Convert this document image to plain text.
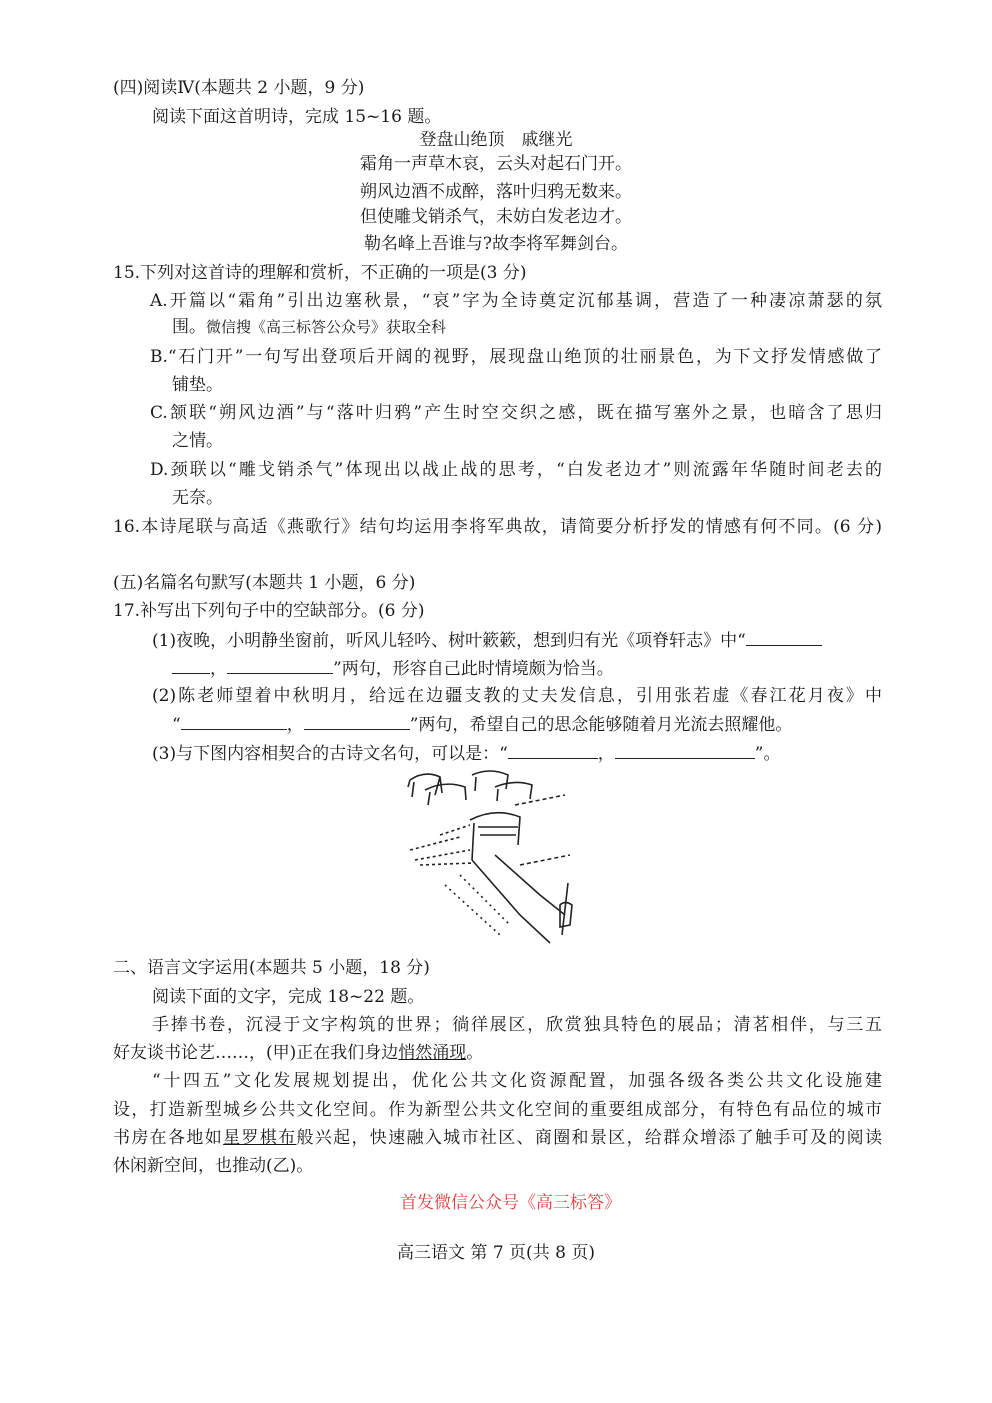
(四)阅读Ⅳ(本题共 2 小题，9 分)
阅读下面这首明诗，完成 15~16 题。
登盘山绝顶　戚继光
霜角一声草木哀，云头对起石门开。
朔风边酒不成醉，落叶归鸦无数来。
但使雕戈销杀气，未妨白发老边才。
勒名峰上吾谁与?故李将军舞剑台。
15.下列对这首诗的理解和赏析，不正确的一项是(3 分)
A.开篇以“霜角”引出边塞秋景，“哀”字为全诗奠定沉郁基调，营造了一种凄凉萧瑟的氛
围。微信搜《高三标答公众号》获取全科
B.“石门开”一句写出登项后开阔的视野，展现盘山绝顶的壮丽景色，为下文抒发情感做了
铺垫。
C.颔联“朔风边酒”与“落叶归鸦”产生时空交织之感，既在描写塞外之景，也暗含了思归
之情。
D.颈联以“雕戈销杀气”体现出以战止战的思考，“白发老边才”则流露年华随时间老去的
无奈。
16.本诗尾联与高适《燕歌行》结句均运用李将军典故，请简要分析抒发的情感有何不同。(6 分)
(五)名篇名句默写(本题共 1 小题，6 分)
17.补写出下列句子中的空缺部分。(6 分)
(1)夜晚，小明静坐窗前，听风儿轻吟、树叶簌簌，想到归有光《项脊轩志》中“
，	”两句，形容自己此时情境颇为恰当。
(2)陈老师望着中秋明月，给远在边疆支教的丈夫发信息，引用张若虚《春江花月夜》中
“	，	”两句，希望自己的思念能够随着月光流去照耀他。
(3)与下图内容相契合的古诗文名句，可以是：“	，	”。
二、语言文字运用(本题共 5 小题，18 分)
阅读下面的文字，完成 18~22 题。
手捧书卷，沉浸于文字构筑的世界；徜徉展区，欣赏独具特色的展品；清茗相伴，与三五
好友谈书论艺……，(甲)正在我们身边悄然涌现。
“十四五”文化发展规划提出，优化公共文化资源配置，加强各级各类公共文化设施建
设，打造新型城乡公共文化空间。作为新型公共文化空间的重要组成部分，有特色有品位的城市
书房在各地如星罗棋布般兴起，快速融入城市社区、商圈和景区，给群众增添了触手可及的阅读
休闲新空间，也推动(乙)。
首发微信公众号《高三标答》
高三语文 第 7 页(共 8 页)
